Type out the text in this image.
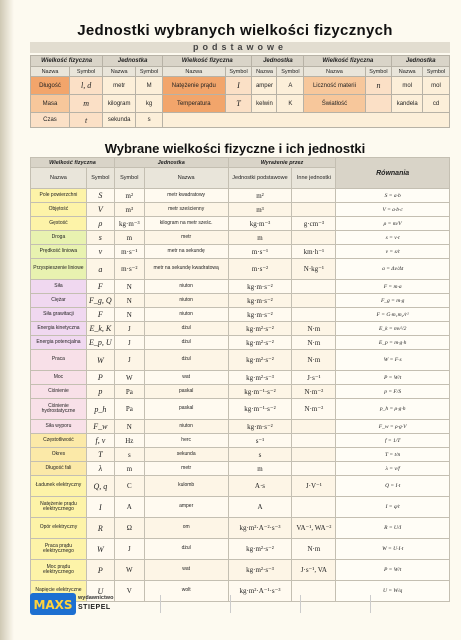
Jednostki wybranych wielkości fizycznych
podstawowe
Wielkość fizyczna		Jednostka		Wielkość fizyczna		Jednostka		Wielkość fizyczna		Jednostka	
Nazwa	Symbol	Nazwa	Symbol	Nazwa	Symbol	Nazwa	Symbol	Nazwa	Symbol	Nazwa	Symbol
Długość	l, d	metr	M	Natężenie prądu	I	amper	A	Liczność materii	n	mol	mol
Masa	m	kilogram	kg	Temperatura	T	kelwin	K	Światłość		kandela	cd
Czas	t	sekunda	s								
Wybrane wielkości fizyczne i ich jednostki
Wielkość fizyczna		Jednostka		Wyrażenie przez		Równania
Nazwa	Symbol	Symbol	Nazwa	Jednostki podstawowe	Inne jednostki	
Pole powierzchni	S	m²	metr kwadratowy	m²		S = a·b
Objętość	V	m³	metr sześcienny	m³		V = a·b·c
Gęstość	ρ	kg·m⁻³	kilogram na metr sześc.	kg·m⁻³	g·cm⁻³	ρ = m/V
Droga	s	m	metr	m		s = v·t
Prędkość liniowa	v	m·s⁻¹	metr na sekundę	m·s⁻¹	km·h⁻¹	v = s/t
Przyspieszenie liniowe	a	m·s⁻²	metr na sekundę kwadratową	m·s⁻²	N·kg⁻¹	a = Δv/Δt
Siła	F	N	niuton	kg·m·s⁻²		F = m·a
Ciężar	F_g, Q	N	niuton	kg·m·s⁻²		F_g = m·g
Siła grawitacji	F	N	niuton	kg·m·s⁻²		F = G·m₁m₂/r²
Energia kinetyczna	E_k, K	J	dżul	kg·m²·s⁻²	N·m	E_k = mv²/2
Energia potencjalna	E_p, U	J	dżul	kg·m²·s⁻²	N·m	E_p = m·g·h
Praca	W	J	dżul	kg·m²·s⁻²	N·m	W = F·s
Moc	P	W	wat	kg·m²·s⁻³	J·s⁻¹	P = W/t
Ciśnienie	p	Pa	paskal	kg·m⁻¹·s⁻²	N·m⁻²	p = F/S
Ciśnienie hydrostatyczne	p_h	Pa	paskal	kg·m⁻¹·s⁻²	N·m⁻²	p_h = ρ·g·h
Siła wyporu	F_w	N	niuton	kg·m·s⁻²		F_w = ρ·g·V
Częstotliwość	f, ν	Hz	herc	s⁻¹		f = 1/T
Okres	T	s	sekunda	s		T = t/n
Długość fali	λ	m	metr	m		λ = v/f
Ładunek elektryczny	Q, q	C	kulomb	A·s	J·V⁻¹	Q = I·t
Natężenie prądu elektrycznego	I	A	amper	A		I = q/t
Opór elektryczny	R	Ω	om	kg·m²·A⁻²·s⁻³	VA⁻¹, WA⁻²	R = U/I
Praca prądu elektrycznego	W	J	dżul	kg·m²·s⁻²	N·m	W = U·I·t
Moc prądu elektrycznego	P	W	wat	kg·m²·s⁻³	J·s⁻¹, VA	P = W/t
Napięcie elektryczne	U	V	wolt	kg·m²·A⁻¹·s⁻³		U = W/q
MAXS wydawnictwo
STIEPEL
